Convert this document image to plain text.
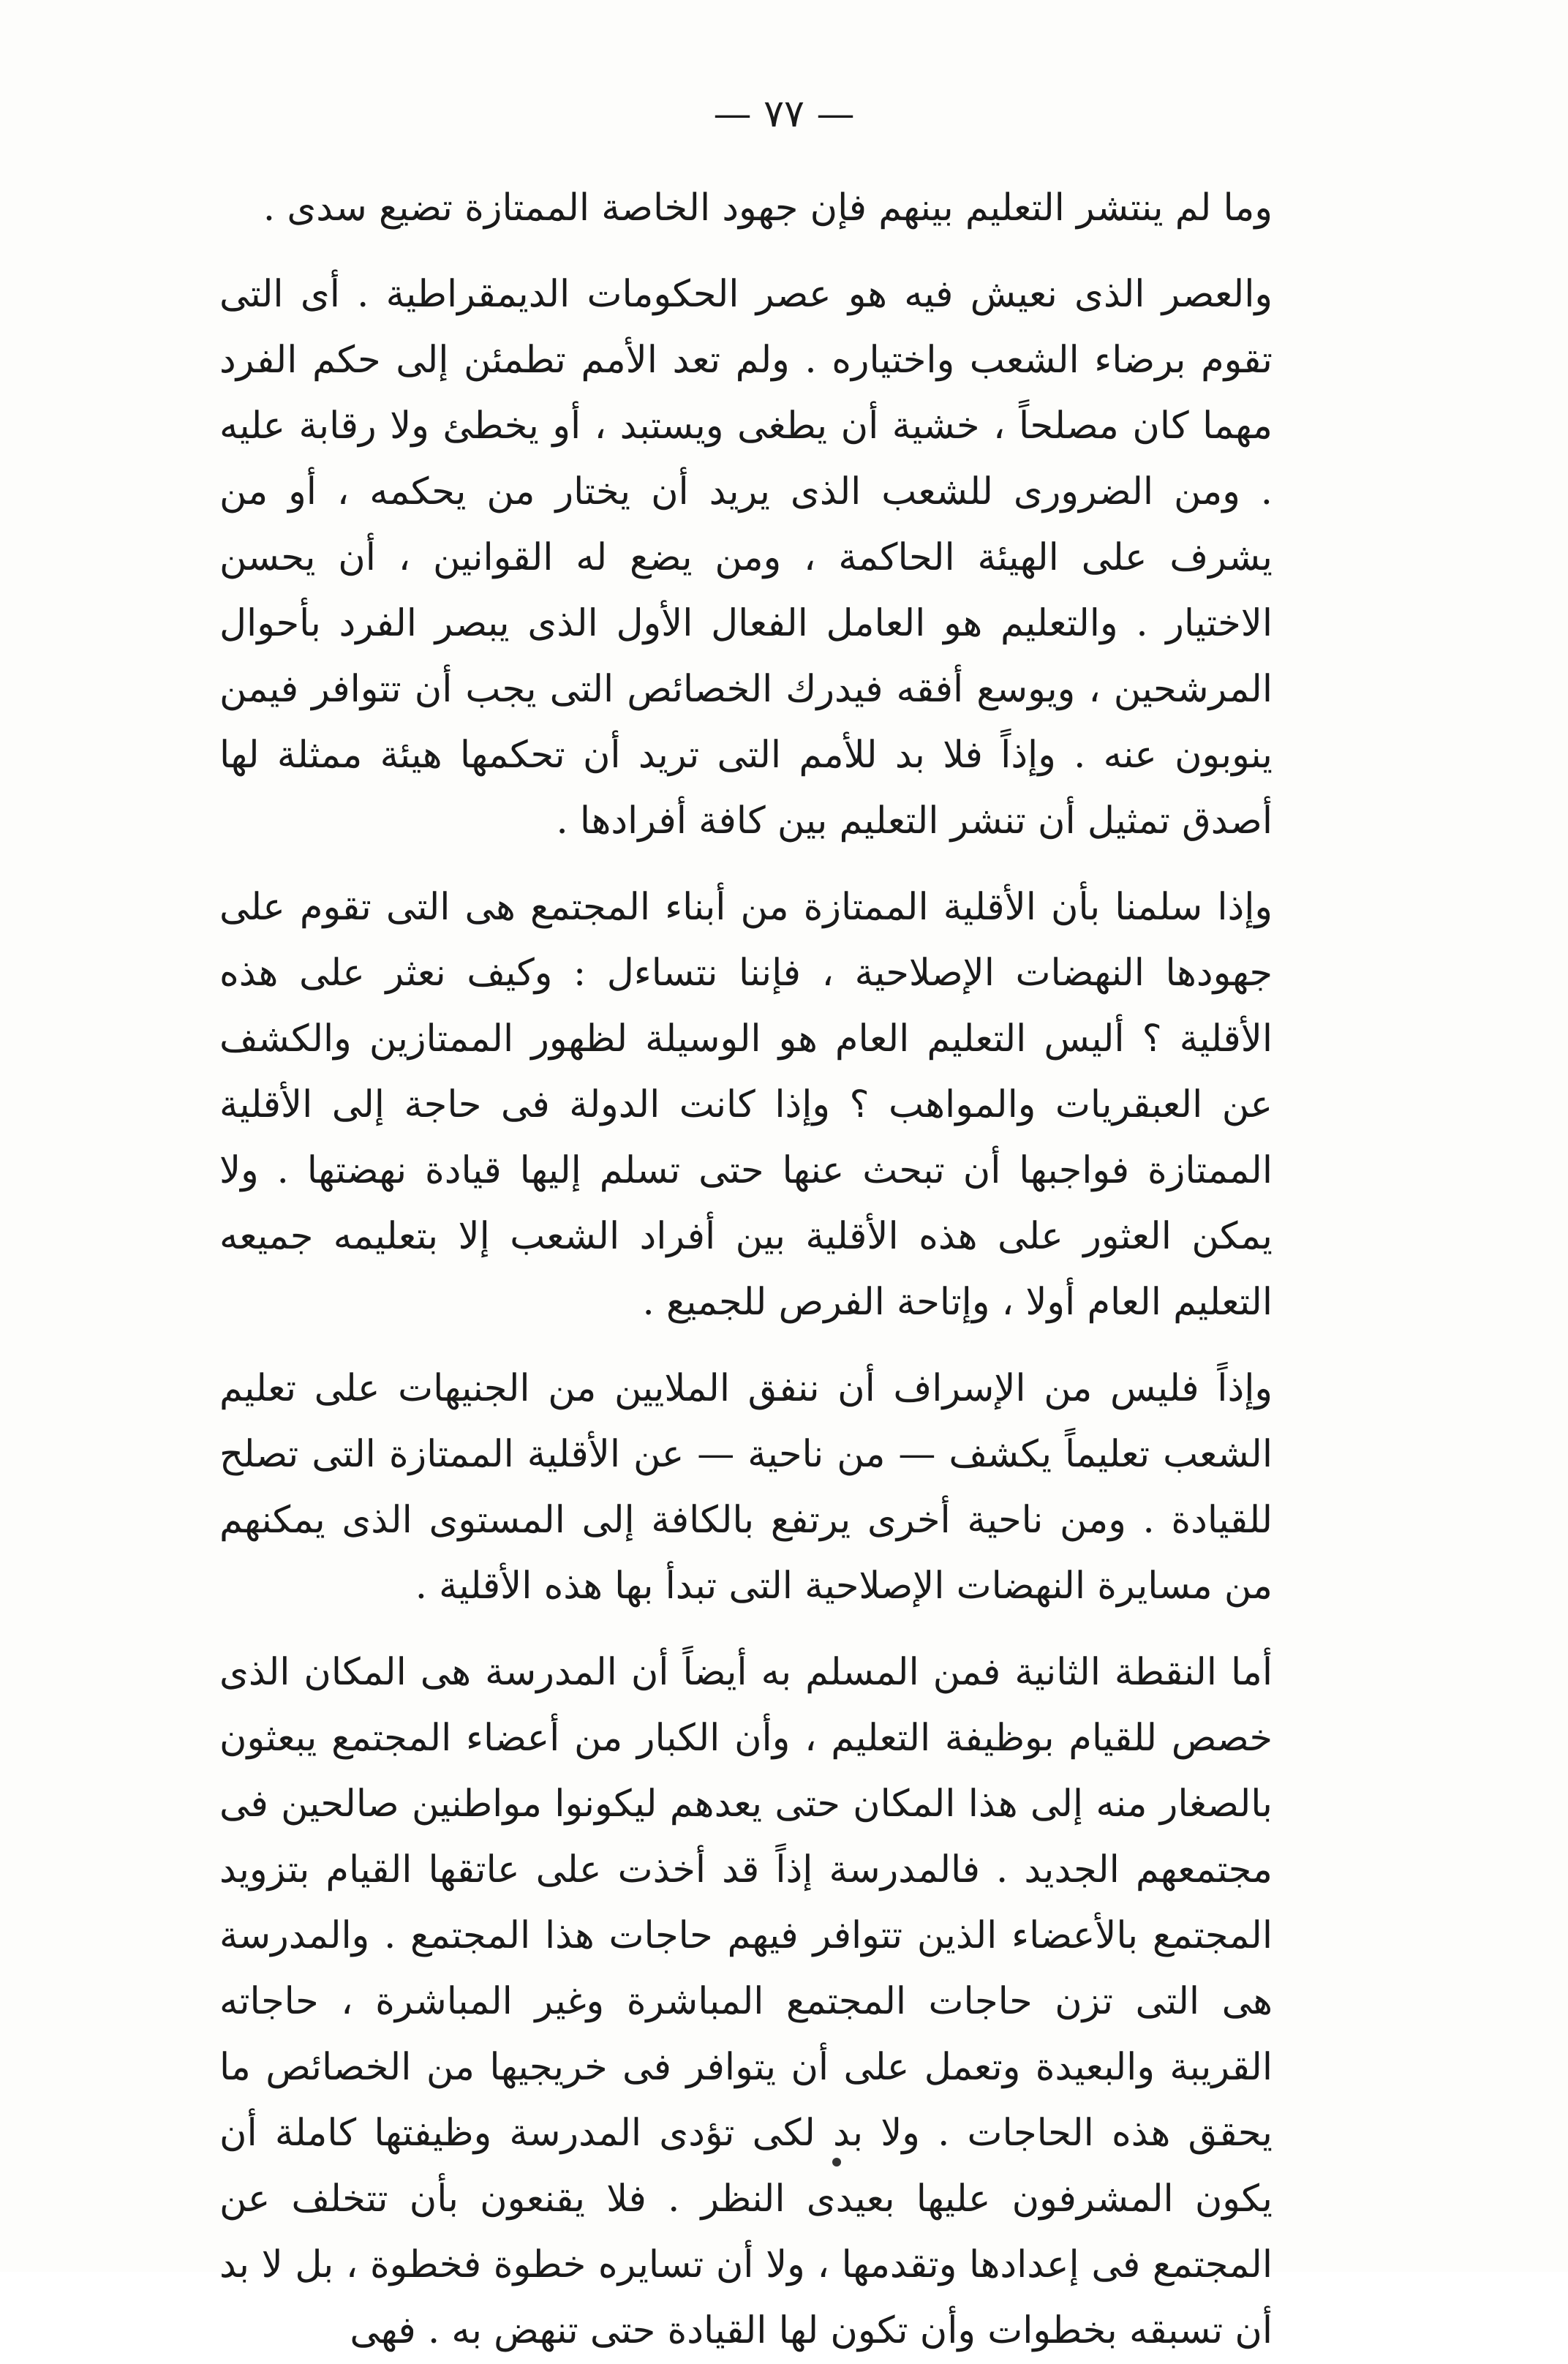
— ٧٧ —

وما لم ينتشر التعليم بينهم فإن جهود الخاصة الممتازة تضيع سدى .

والعصر الذى نعيش فيه هو عصر الحكومات الديمقراطية . أى التى تقوم برضاء الشعب واختياره . ولم تعد الأمم تطمئن إلى حكم الفرد مهما كان مصلحاً ، خشية أن يطغى ويستبد ، أو يخطئ ولا رقابة عليه . ومن الضرورى للشعب الذى يريد أن يختار من يحكمه ، أو من يشرف على الهيئة الحاكمة ، ومن يضع له القوانين ، أن يحسن الاختيار . والتعليم هو العامل الفعال الأول الذى يبصر الفرد بأحوال المرشحين ، ويوسع أفقه فيدرك الخصائص التى يجب أن تتوافر فيمن ينوبون عنه . وإذاً فلا بد للأمم التى تريد أن تحكمها هيئة ممثلة لها أصدق تمثيل أن تنشر التعليم بين كافة أفرادها .

وإذا سلمنا بأن الأقلية الممتازة من أبناء المجتمع هى التى تقوم على جهودها النهضات الإصلاحية ، فإننا نتساءل : وكيف نعثر على هذه الأقلية ؟ أليس التعليم العام هو الوسيلة لظهور الممتازين والكشف عن العبقريات والمواهب ؟ وإذا كانت الدولة فى حاجة إلى الأقلية الممتازة فواجبها أن تبحث عنها حتى تسلم إليها قيادة نهضتها . ولا يمكن العثور على هذه الأقلية بين أفراد الشعب إلا بتعليمه جميعه التعليم العام أولا ، وإتاحة الفرص للجميع .

وإذاً فليس من الإسراف أن ننفق الملايين من الجنيهات على تعليم الشعب تعليماً يكشف — من ناحية — عن الأقلية الممتازة التى تصلح للقيادة . ومن ناحية أخرى يرتفع بالكافة إلى المستوى الذى يمكنهم من مسايرة النهضات الإصلاحية التى تبدأ بها هذه الأقلية .

أما النقطة الثانية فمن المسلم به أيضاً أن المدرسة هى المكان الذى خصص للقيام بوظيفة التعليم ، وأن الكبار من أعضاء المجتمع يبعثون بالصغار منه إلى هذا المكان حتى يعدهم ليكونوا مواطنين صالحين فى مجتمعهم الجديد . فالمدرسة إذاً قد أخذت على عاتقها القيام بتزويد المجتمع بالأعضاء الذين تتوافر فيهم حاجات هذا المجتمع . والمدرسة هى التى تزن حاجات المجتمع المباشرة وغير المباشرة ، حاجاته القريبة والبعيدة وتعمل على أن يتوافر فى خريجيها من الخصائص ما يحقق هذه الحاجات . ولا بد لكى تؤدى المدرسة وظيفتها كاملة أن يكون المشرفون عليها بعيدى النظر . فلا يقنعون بأن تتخلف عن المجتمع فى إعدادها وتقدمها ، ولا أن تسايره خطوة فخطوة ، بل لا بد أن تسبقه بخطوات وأن تكون لها القيادة حتى تنهض به . فهى
